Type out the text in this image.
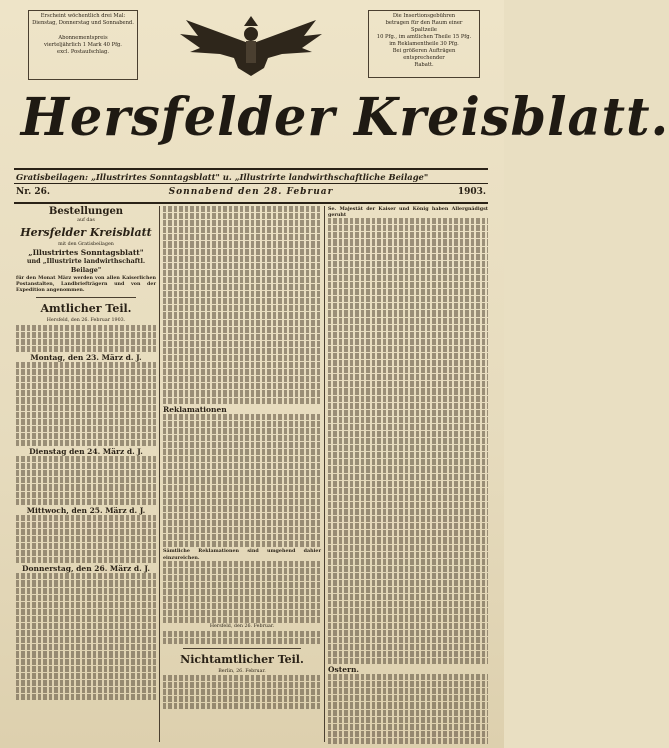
Erscheint wöchentlich drei Mal:

Dienstag, Donnerstag und Sonnabend.

Abonnementspreis

vierteljährlich 1 Mark 40 Pfg.

excl. Postaufschlag.

Die Insertionsgebühren

betragen für den Raum einer Spaltzeile

10 Pfg., im amtlichen Theile 15 Pfg.

im Reklamentheile 30 Pfg.

Bei größeren Aufträgen entsprechender

Rabatt.

Hersfelder Kreisblatt.
Gratisbeilagen: „Illustrirtes Sonntagsblatt" u. „Illustrirte landwirthschaftliche Beilage"
Nr. 26.	Sonnabend den 28. Februar	1903.
Bestellungen
auf das
Hersfelder Kreisblatt
mit den Gratisbeilagen
„Illustrirtes Sonntagsblatt"
und „Illustrirte landwirthschaftl. Beilage"

für den Monat März werden von allen Kaiserlichen Postanstalten, Landbriefträgern und von der Expedition angenommen.

Amtlicher Teil.
Hersfeld, den 26. Februar 1903.
Montag, den 23. März d. J.
Dienstag den 24. März d. J.
Mittwoch, den 25. März d. J.
Donnerstag, den 26. März d. J.
Reklamationen

Sämtliche Reklamationen sind umgehend dahier einzureichen.

Hersfeld, den 26. Februar.
Nichtamtlicher Teil.
Berlin, 26. Februar.

Se. Majestät der Kaiser und König haben Allergnädigst geruht

Ostern.
